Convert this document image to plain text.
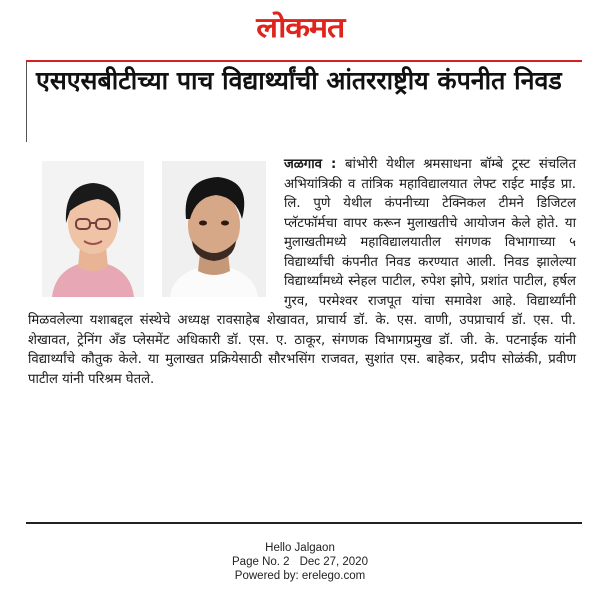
लोकमत
एसएसबीटीच्या पाच विद्यार्थ्यांची आंतरराष्ट्रीय कंपनीत निवड

जळगाव : बांभोरी येथील श्रमसाधना बॉम्बे ट्रस्ट संचलित अभियांत्रिकी व तांत्रिक महाविद्यालयात लेफ्ट राईट माईंड प्रा. लि. पुणे येथील कंपनीच्या टेक्निकल टीमने डिजिटल प्लॅटफॉर्मचा वापर करून मुलाखतीचे आयोजन केले होते. या मुलाखतीमध्ये महाविद्यालयातील संगणक विभागाच्या ५ विद्यार्थ्यांची कंपनीत निवड करण्यात आली. निवड झालेल्या विद्यार्थ्यांमध्ये स्नेहल पाटील, रुपेश झोपे, प्रशांत पाटील, हर्षल गुरव, परमेश्वर राजपूत यांचा समावेश आहे. विद्यार्थ्यांनी मिळवलेल्या यशाबद्दल संस्थेचे अध्यक्ष रावसाहेब शेखावत, प्राचार्य डॉ. के. एस. वाणी, उपप्राचार्य डॉ. एस. पी. शेखावत, ट्रेनिंग अँड प्लेसमेंट अधिकारी डॉ. एस. ए. ठाकूर, संगणक विभागप्रमुख डॉ. जी. के. पटनाईक यांनी विद्यार्थ्यांचे कौतुक केले. या मुलाखत प्रक्रियेसाठी सौरभसिंग राजवत, सुशांत एस. बाहेकर, प्रदीप सोळंकी, प्रवीण पाटील यांनी परिश्रम घेतले.

Hello Jalgaon
Page No. 2 Dec 27, 2020
Powered by: erelego.com
